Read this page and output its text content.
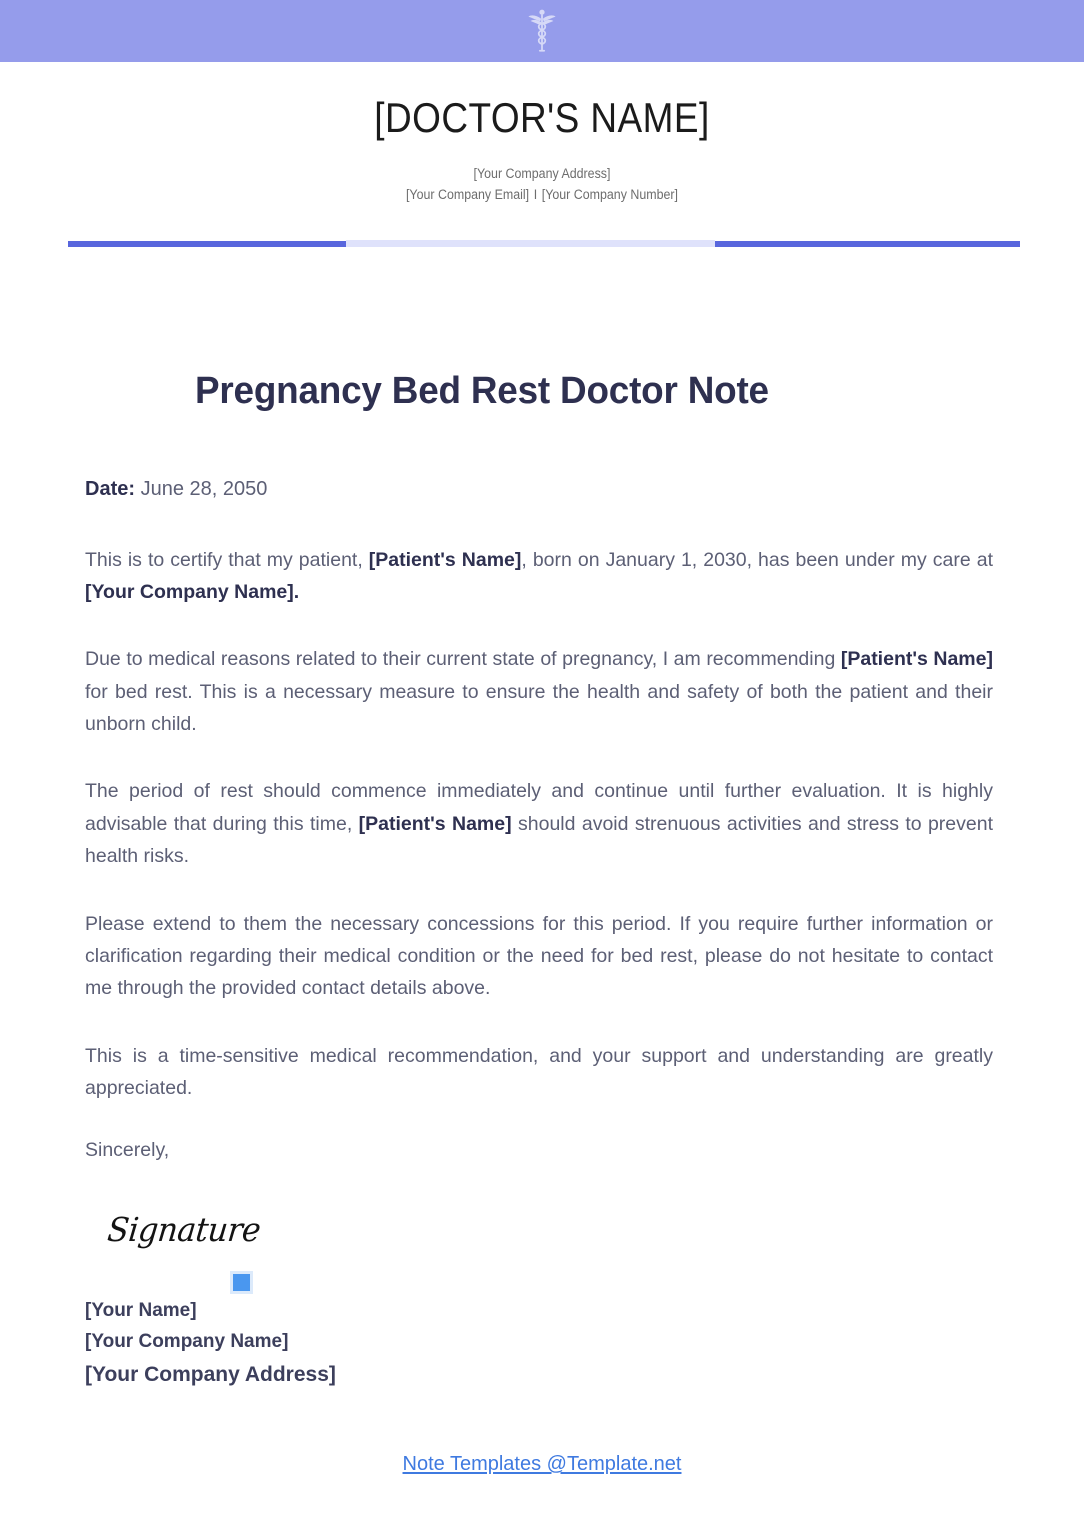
[DOCTOR'S NAME]

[Your Company Address]

[Your Company Email] I [Your Company Number]

Pregnancy Bed Rest Doctor Note

Date: June 28, 2050

This is to certify that my patient, [Patient's Name], born on January 1, 2030, has been under my care at [Your Company Name].

Due to medical reasons related to their current state of pregnancy, I am recommending [Patient's Name] for bed rest. This is a necessary measure to ensure the health and safety of both the patient and their unborn child.

The period of rest should commence immediately and continue until further evaluation. It is highly advisable that during this time, [Patient's Name] should avoid strenuous activities and stress to prevent health risks.

Please extend to them the necessary concessions for this period. If you require further information or clarification regarding their medical condition or the need for bed rest, please do not hesitate to contact me through the provided contact details above.

This is a time-sensitive medical recommendation, and your support and understanding are greatly appreciated.

Sincerely,

Signature

[Your Name]

[Your Company Name]

[Your Company Address]

Note Templates @Template.net
